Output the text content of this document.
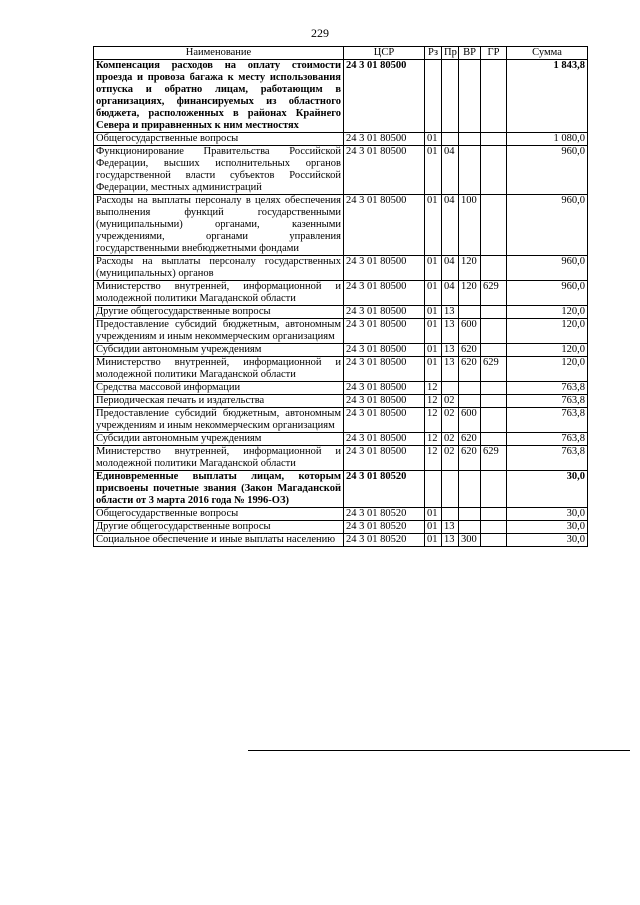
229
Наименование	ЦСР	Рз	Пр	ВР	ГР	Сумма
Компенсация расходов на оплату стоимости проезда и провоза багажа к месту использования отпуска и обратно лицам, работающим в организациях, финансируемых из областного бюджета, расположенных в районах Крайнего Севера и приравненных к ним местностях	24 3 01 80500					1 843,8
Общегосударственные вопросы	24 3 01 80500	01				1 080,0
Функционирование Правительства Российской Федерации, высших исполнительных органов государственной власти субъектов Российской Федерации, местных администраций	24 3 01 80500	01	04			960,0
Расходы на выплаты персоналу в целях обеспечения выполнения функций государственными (муниципальными) органами, казенными учреждениями, органами управления государственными внебюджетными фондами	24 3 01 80500	01	04	100		960,0
Расходы на выплаты персоналу государственных (муниципальных) органов	24 3 01 80500	01	04	120		960,0
Министерство внутренней, информационной и молодежной политики Магаданской области	24 3 01 80500	01	04	120	629	960,0
Другие общегосударственные вопросы	24 3 01 80500	01	13			120,0
Предоставление субсидий бюджетным, автономным учреждениям и иным некоммерческим организациям	24 3 01 80500	01	13	600		120,0
Субсидии автономным учреждениям	24 3 01 80500	01	13	620		120,0
Министерство внутренней, информационной и молодежной политики Магаданской области	24 3 01 80500	01	13	620	629	120,0
Средства массовой информации	24 3 01 80500	12				763,8
Периодическая печать и издательства	24 3 01 80500	12	02			763,8
Предоставление субсидий бюджетным, автономным учреждениям и иным некоммерческим организациям	24 3 01 80500	12	02	600		763,8
Субсидии автономным учреждениям	24 3 01 80500	12	02	620		763,8
Министерство внутренней, информационной и молодежной политики Магаданской области	24 3 01 80500	12	02	620	629	763,8
Единовременные выплаты лицам, которым присвоены почетные звания (Закон Магаданской области от 3 марта 2016 года № 1996-ОЗ)	24 3 01 80520					30,0
Общегосударственные вопросы	24 3 01 80520	01				30,0
Другие общегосударственные вопросы	24 3 01 80520	01	13			30,0
Социальное обеспечение и иные выплаты населению	24 3 01 80520	01	13	300		30,0
